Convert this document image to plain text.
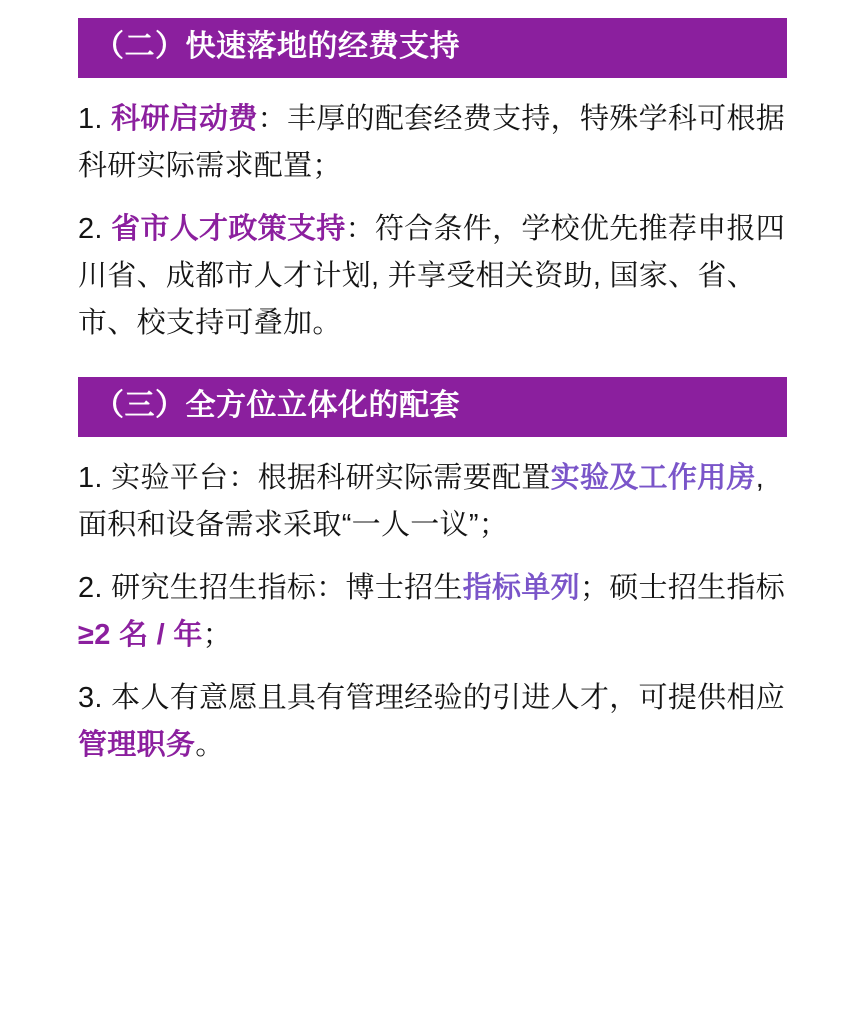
（二）快速落地的经费支持

1. 科研启动费：丰厚的配套经费支持，特殊学科可根据科研实际需求配置；

2. 省市人才政策支持：符合条件，学校优先推荐申报四川省、成都市人才计划, 并享受相关资助, 国家、省、市、校支持可叠加。

（三）全方位立体化的配套

1. 实验平台：根据科研实际需要配置实验及工作用房, 面积和设备需求采取“一人一议”；

2. 研究生招生指标：博士招生指标单列；硕士招生指标≥2 名 / 年；

3. 本人有意愿且具有管理经验的引进人才，可提供相应管理职务。
